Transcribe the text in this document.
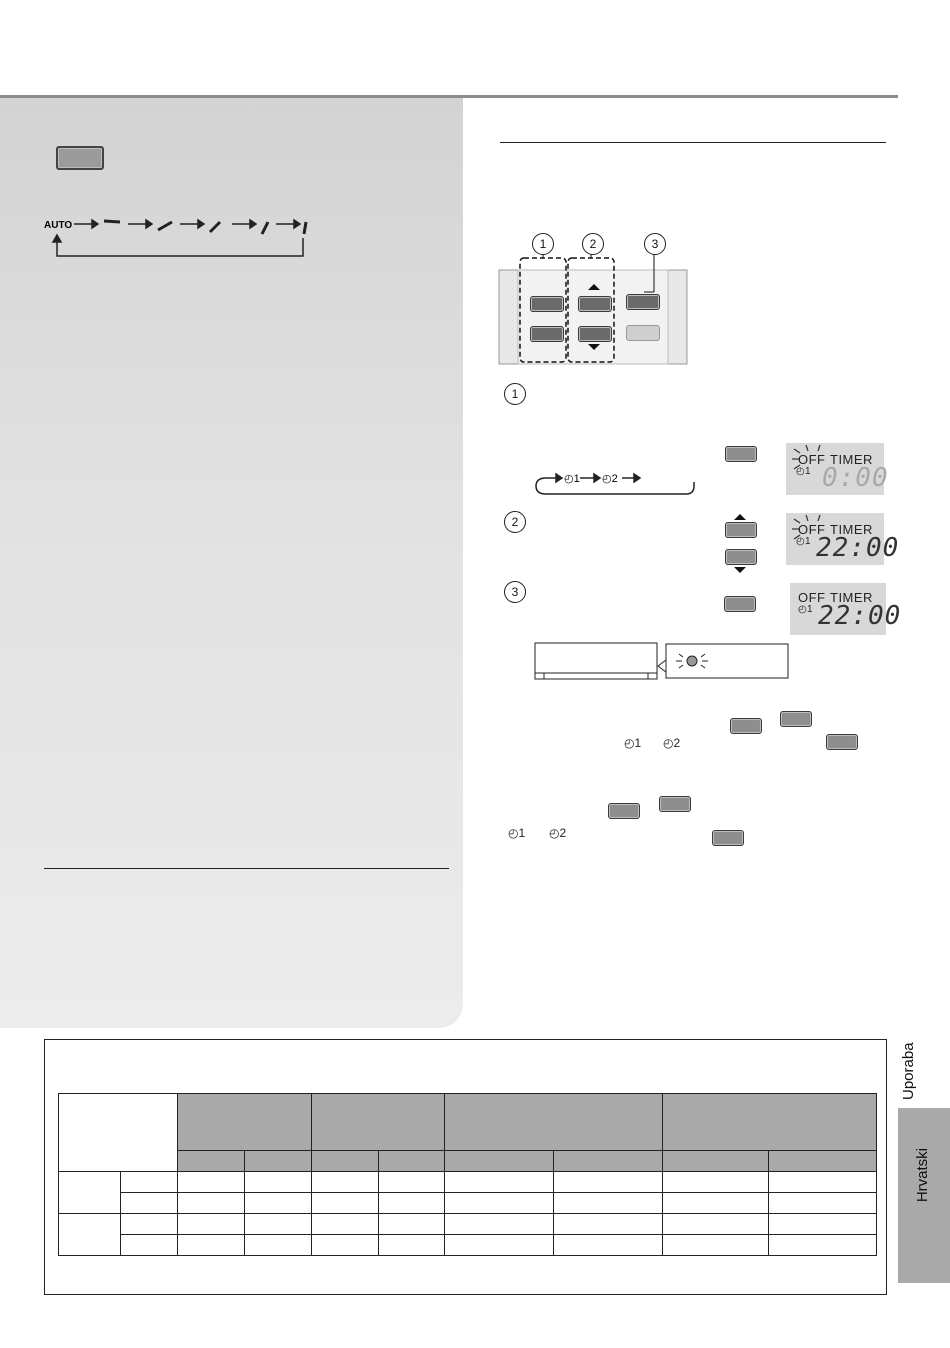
AUTO
1	2	3
1
◴1 ◴2
OFF TIMER
◴ 1 0:00
2	OFF TIMER
◴ 1 22:00
3	OFF TIMER
◴ 1 22:00
◴1 ◴2
◴1 ◴2
Uporaba
Hrvatski
